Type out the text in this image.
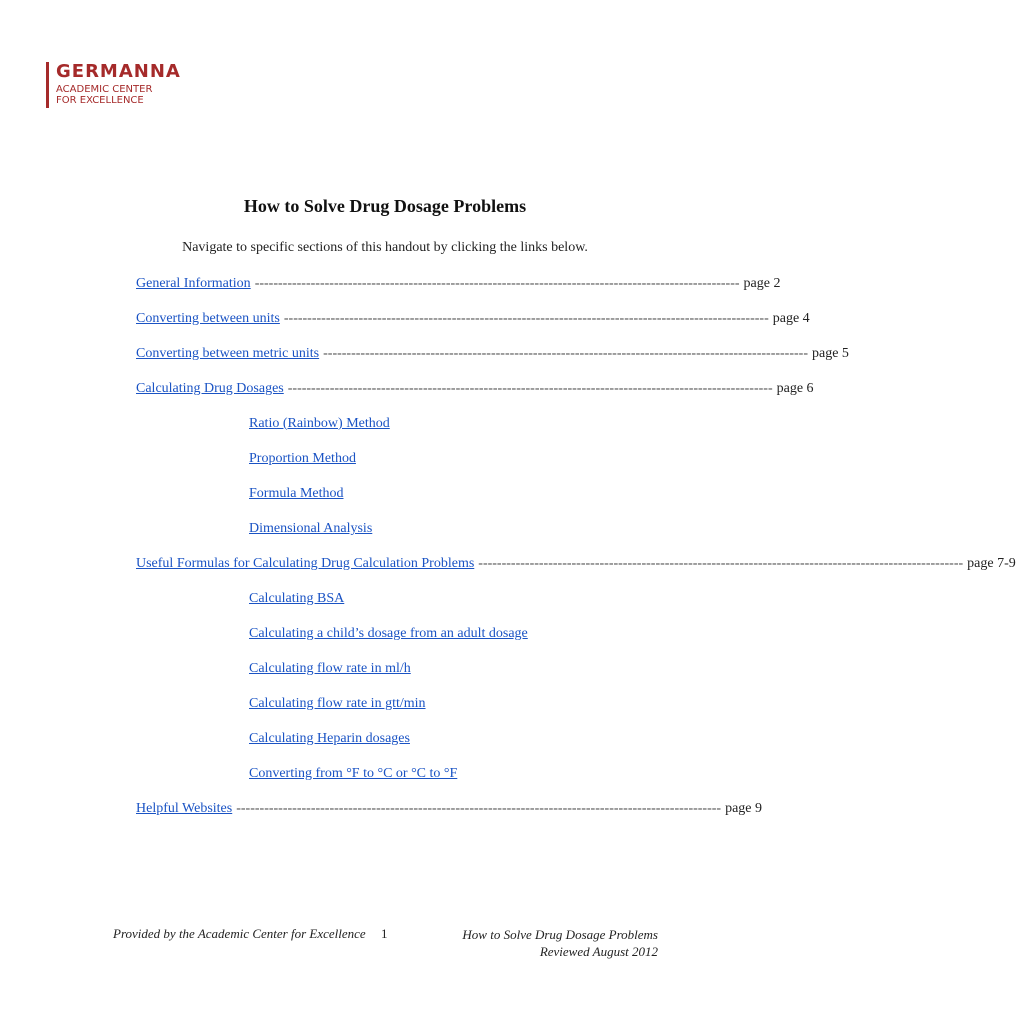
GERMANNA
ACADEMIC CENTER
FOR EXCELLENCE
How to Solve Drug Dosage Problems
Navigate to specific sections of this handout by clicking the links below.
General Information -------------------------------------------------------------------------------------------------------- page 2
Converting between units -------------------------------------------------------------------------------------------------------- page 4
Converting between metric units -------------------------------------------------------------------------------------------------------- page 5
Calculating Drug Dosages -------------------------------------------------------------------------------------------------------- page 6
Ratio (Rainbow) Method
Proportion Method
Formula Method
Dimensional Analysis
Useful Formulas for Calculating Drug Calculation Problems -------------------------------------------------------------------------------------------------------- page 7-9
Calculating BSA
Calculating a child’s dosage from an adult dosage
Calculating flow rate in ml/h
Calculating flow rate in gtt/min
Calculating Heparin dosages
Converting from °F to °C or °C to °F
Helpful Websites -------------------------------------------------------------------------------------------------------- page 9
Provided by the Academic Center for Excellence 1	How to Solve Drug Dosage Problems
Reviewed August 2012
